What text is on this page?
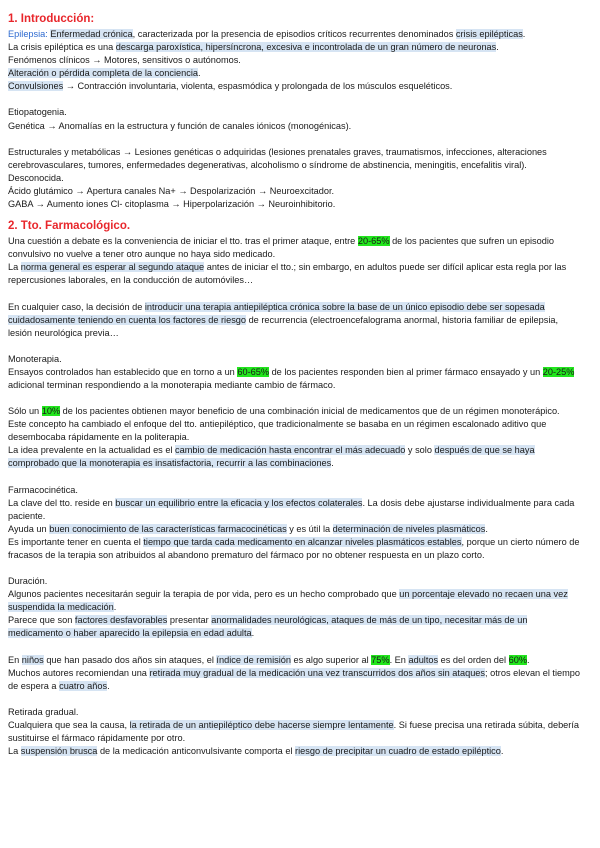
1. Introducción:

Epilepsia: Enfermedad crónica, caracterizada por la presencia de episodios críticos recurrentes denominados crisis epilépticas.

La crisis epiléptica es una descarga paroxística, hipersíncrona, excesiva e incontrolada de un gran número de neuronas.

Fenómenos clínicos → Motores, sensitivos o autónomos.

Alteración o pérdida completa de la conciencia.

Convulsiones → Contracción involuntaria, violenta, espasmódica y prolongada de los músculos esqueléticos.

Etiopatogenia.

Genética → Anomalías en la estructura y función de canales iónicos (monogénicas).

Estructurales y metabólicas → Lesiones genéticas o adquiridas (lesiones prenatales graves, traumatismos, infecciones, alteraciones cerebrovasculares, tumores, enfermedades degenerativas, alcoholismo o síndrome de abstinencia, meningitis, encefalitis viral).

Desconocida.

Ácido glutámico → Apertura canales Na+ → Despolarización → Neuroexcitador.

GABA → Aumento iones Cl- citoplasma → Hiperpolarización → Neuroinhibitorio.

2. Tto. Farmacológico.

Una cuestión a debate es la conveniencia de iniciar el tto. tras el primer ataque, entre 20-65% de los pacientes que sufren un episodio convulsivo no vuelve a tener otro aunque no haya sido medicado.

La norma general es esperar al segundo ataque antes de iniciar el tto.; sin embargo, en adultos puede ser difícil aplicar esta regla por las repercusiones laborales, en la conducción de automóviles…

En cualquier caso, la decisión de introducir una terapia antiepiléptica crónica sobre la base de un único episodio debe ser sopesada cuidadosamente teniendo en cuenta los factores de riesgo de recurrencia (electroencefalograma anormal, historia familiar de epilepsia, lesión neurológica previa…

Monoterapia.

Ensayos controlados han establecido que en torno a un 60-65% de los pacientes responden bien al primer fármaco ensayado y un 20-25% adicional terminan respondiendo a la monoterapia mediante cambio de fármaco.

Sólo un 10% de los pacientes obtienen mayor beneficio de una combinación inicial de medicamentos que de un régimen monoterápico.

Este concepto ha cambiado el enfoque del tto. antiepiléptico, que tradicionalmente se basaba en un régimen escalonado aditivo que desembocaba rápidamente en la politerapia.

La idea prevalente en la actualidad es el cambio de medicación hasta encontrar el más adecuado y solo después de que se haya comprobado que la monoterapia es insatisfactoria, recurrir a las combinaciones.

Farmacocinética.

La clave del tto. reside en buscar un equilibrio entre la eficacia y los efectos colaterales. La dosis debe ajustarse individualmente para cada paciente.

Ayuda un buen conocimiento de las características farmacocinéticas y es útil la determinación de niveles plasmáticos.

Es importante tener en cuenta el tiempo que tarda cada medicamento en alcanzar niveles plasmáticos estables, porque un cierto número de fracasos de la terapia son atribuidos al abandono prematuro del fármaco por no obtener respuesta en un plazo corto.

Duración.

Algunos pacientes necesitarán seguir la terapia de por vida, pero es un hecho comprobado que un porcentaje elevado no recaen una vez suspendida la medicación.

Parece que son factores desfavorables presentar anormalidades neurológicas, ataques de más de un tipo, necesitar más de un medicamento o haber aparecido la epilepsia en edad adulta.

En niños que han pasado dos años sin ataques, el índice de remisión es algo superior al 75%. En adultos es del orden del 60%.

Muchos autores recomiendan una retirada muy gradual de la medicación una vez transcurridos dos años sin ataques; otros elevan el tiempo de espera a cuatro años.

Retirada gradual.

Cualquiera que sea la causa, la retirada de un antiepiléptico debe hacerse siempre lentamente. Si fuese precisa una retirada súbita, debería sustituirse el fármaco rápidamente por otro.

La suspensión brusca de la medicación anticonvulsivante comporta el riesgo de precipitar un cuadro de estado epiléptico.
